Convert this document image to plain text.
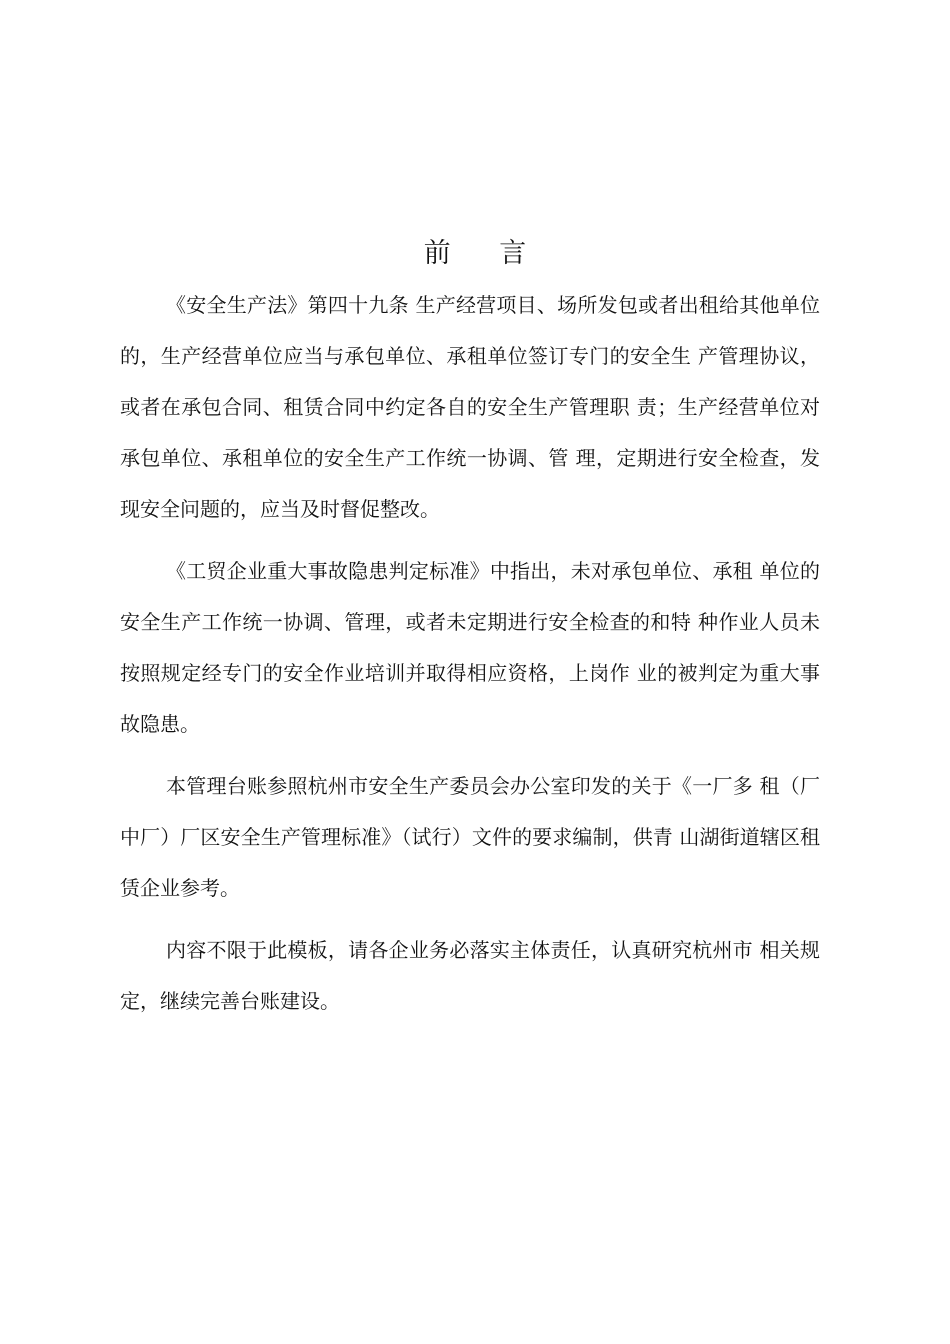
前 言

《安全生产法》第四十九条 生产经营项目、场所发包或者出租给其他单位的，生产经营单位应当与承包单位、承租单位签订专门的安全生 产管理协议，或者在承包合同、租赁合同中约定各自的安全生产管理职 责；生产经营单位对承包单位、承租单位的安全生产工作统一协调、管 理，定期进行安全检查，发现安全问题的，应当及时督促整改。

《工贸企业重大事故隐患判定标准》中指出，未对承包单位、承租 单位的安全生产工作统一协调、管理，或者未定期进行安全检查的和特 种作业人员未按照规定经专门的安全作业培训并取得相应资格，上岗作 业的被判定为重大事故隐患。

本管理台账参照杭州市安全生产委员会办公室印发的关于《一厂多 租（厂中厂）厂区安全生产管理标准》（试行）文件的要求编制，供青 山湖街道辖区租赁企业参考。

内容不限于此模板，请各企业务必落实主体责任，认真研究杭州市 相关规定，继续完善台账建设。
